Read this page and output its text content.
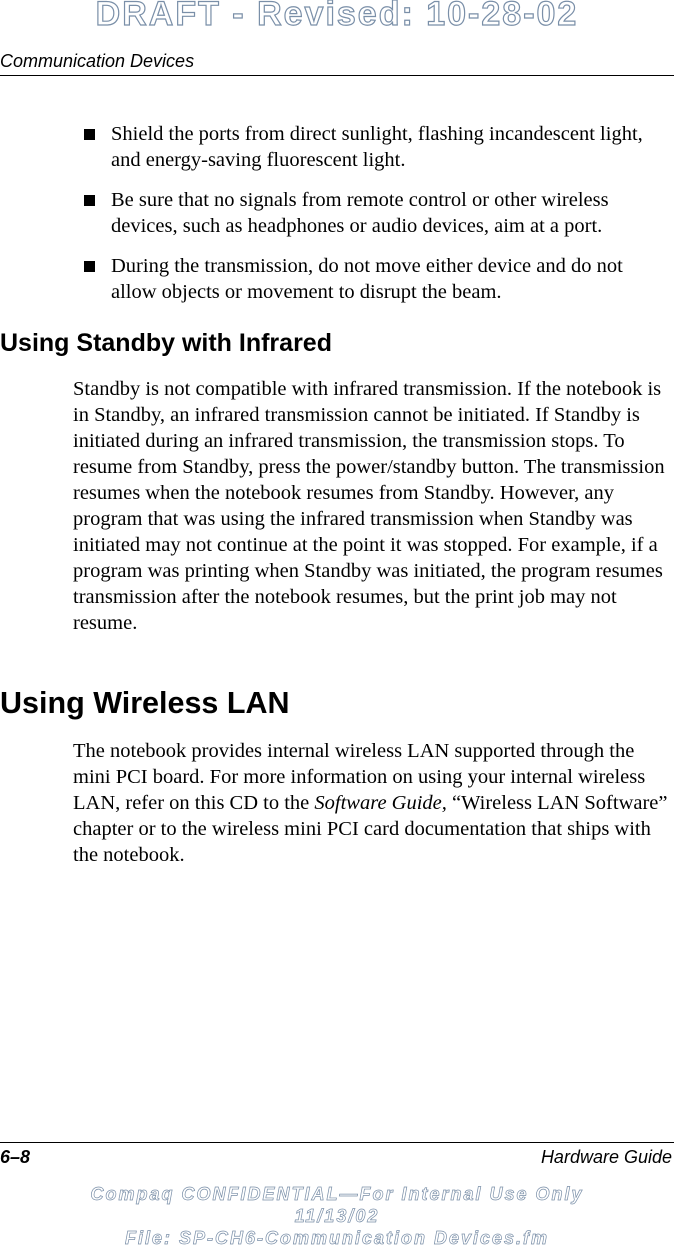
DRAFT - Revised: 10-28-02
Communication Devices
Shield the ports from direct sunlight, flashing incandescent light, and energy-saving fluorescent light.
Be sure that no signals from remote control or other wireless devices, such as headphones or audio devices, aim at a port.
During the transmission, do not move either device and do not allow objects or movement to disrupt the beam.
Using Standby with Infrared

Standby is not compatible with infrared transmission. If the notebook is in Standby, an infrared transmission cannot be initiated. If Standby is initiated during an infrared transmission, the transmission stops. To resume from Standby, press the power/standby button. The transmission resumes when the notebook resumes from Standby. However, any program that was using the infrared transmission when Standby was initiated may not continue at the point it was stopped. For example, if a program was printing when Standby was initiated, the program resumes transmission after the notebook resumes, but the print job may not resume.

Using Wireless LAN

The notebook provides internal wireless LAN supported through the mini PCI board. For more information on using your internal wireless LAN, refer on this CD to the Software Guide, “Wireless LAN Software” chapter or to the wireless mini PCI card documentation that ships with the notebook.

6–8	Hardware Guide
Compaq CONFIDENTIAL—For Internal Use Only
11/13/02
File: SP-CH6-Communication Devices.fm
